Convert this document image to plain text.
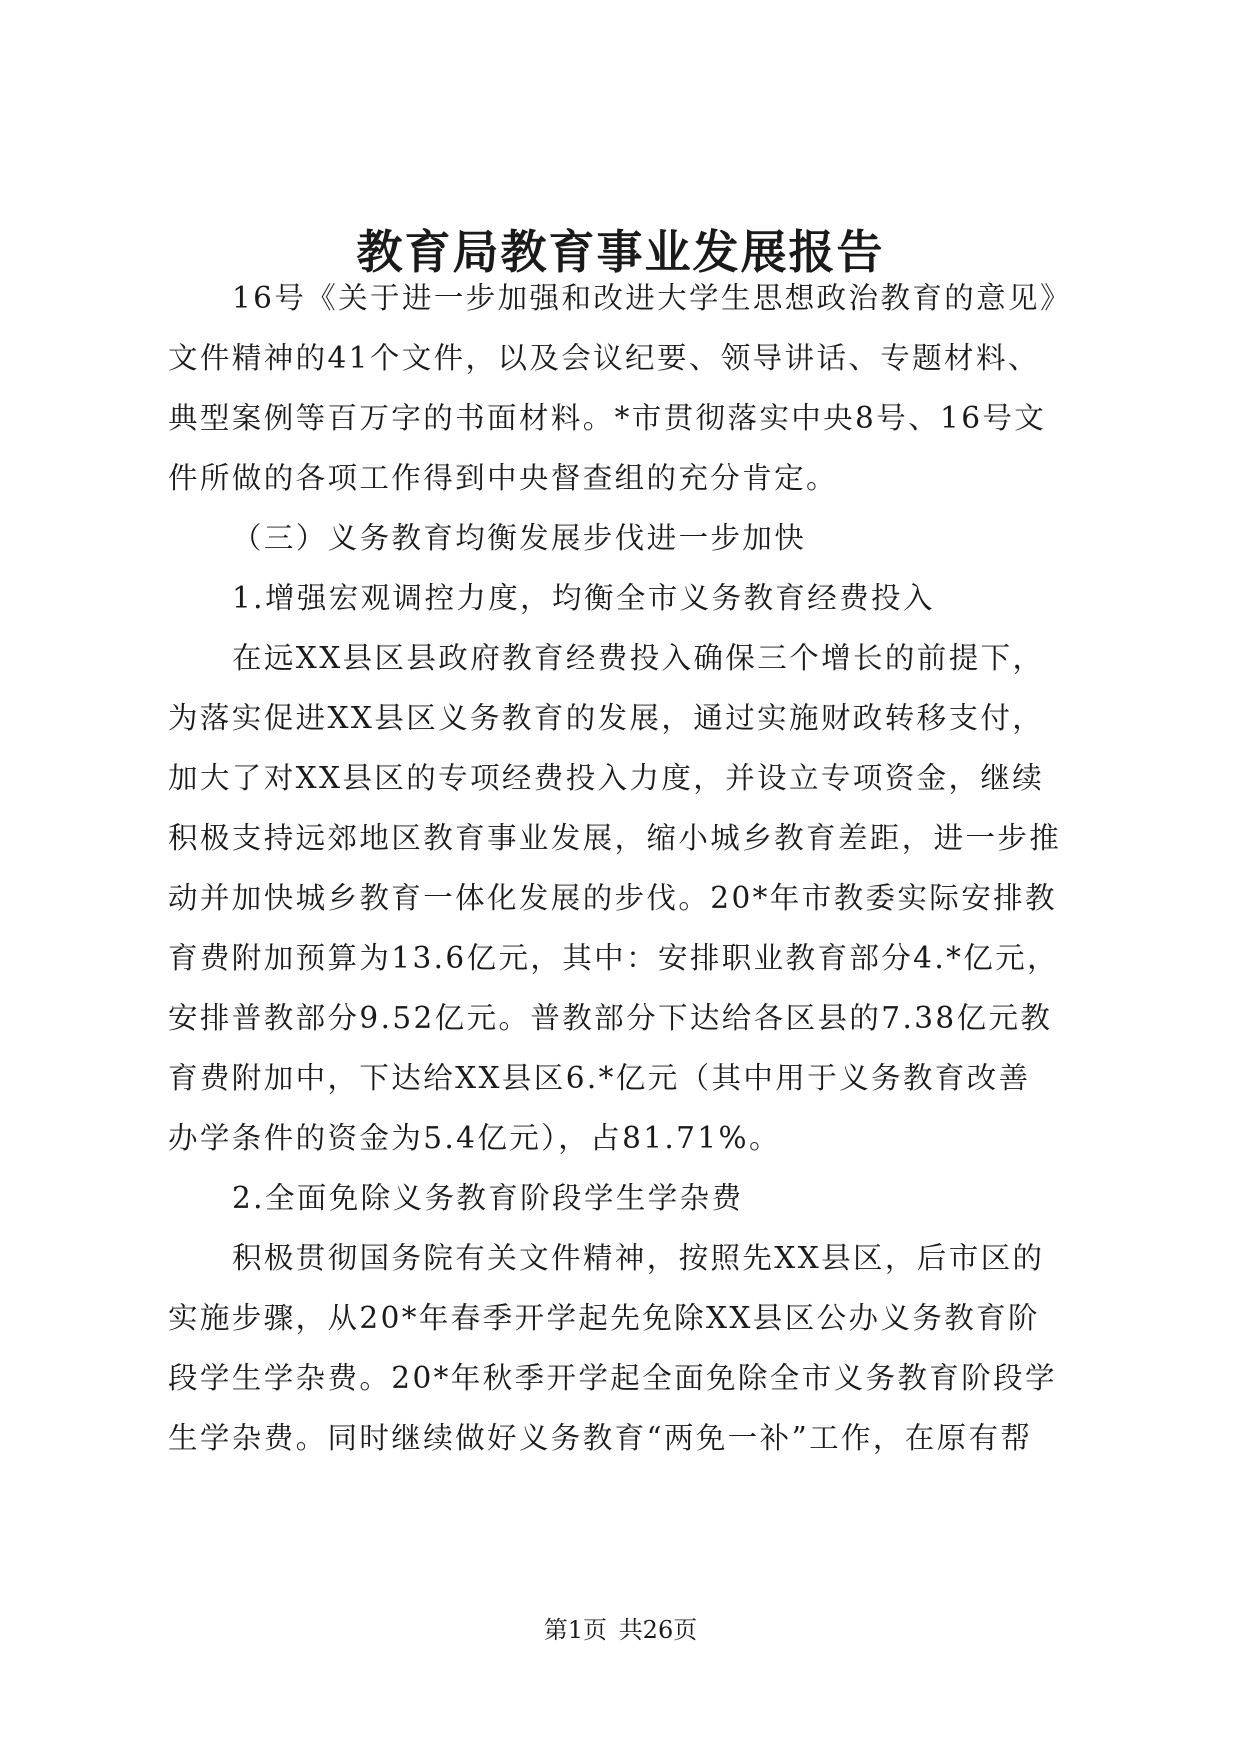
教育局教育事业发展报告
16号《关于进一步加强和改进大学生思想政治教育的意见》
文件精神的41个文件，以及会议纪要、领导讲话、专题材料、
典型案例等百万字的书面材料。*市贯彻落实中央8号、16号文
件所做的各项工作得到中央督查组的充分肯定。
（三）义务教育均衡发展步伐进一步加快
1.增强宏观调控力度，均衡全市义务教育经费投入
在远XX县区县政府教育经费投入确保三个增长的前提下，
为落实促进XX县区义务教育的发展，通过实施财政转移支付，
加大了对XX县区的专项经费投入力度，并设立专项资金，继续
积极支持远郊地区教育事业发展，缩小城乡教育差距，进一步推
动并加快城乡教育一体化发展的步伐。20*年市教委实际安排教
育费附加预算为13.6亿元，其中：安排职业教育部分4.*亿元，
安排普教部分9.52亿元。普教部分下达给各区县的7.38亿元教
育费附加中，下达给XX县区6.*亿元（其中用于义务教育改善
办学条件的资金为5.4亿元），占81.71%。
2.全面免除义务教育阶段学生学杂费
积极贯彻国务院有关文件精神，按照先XX县区，后市区的
实施步骤，从20*年春季开学起先免除XX县区公办义务教育阶
段学生学杂费。20*年秋季开学起全面免除全市义务教育阶段学
生学杂费。同时继续做好义务教育“两免一补”工作，在原有帮
第1页 共26页
